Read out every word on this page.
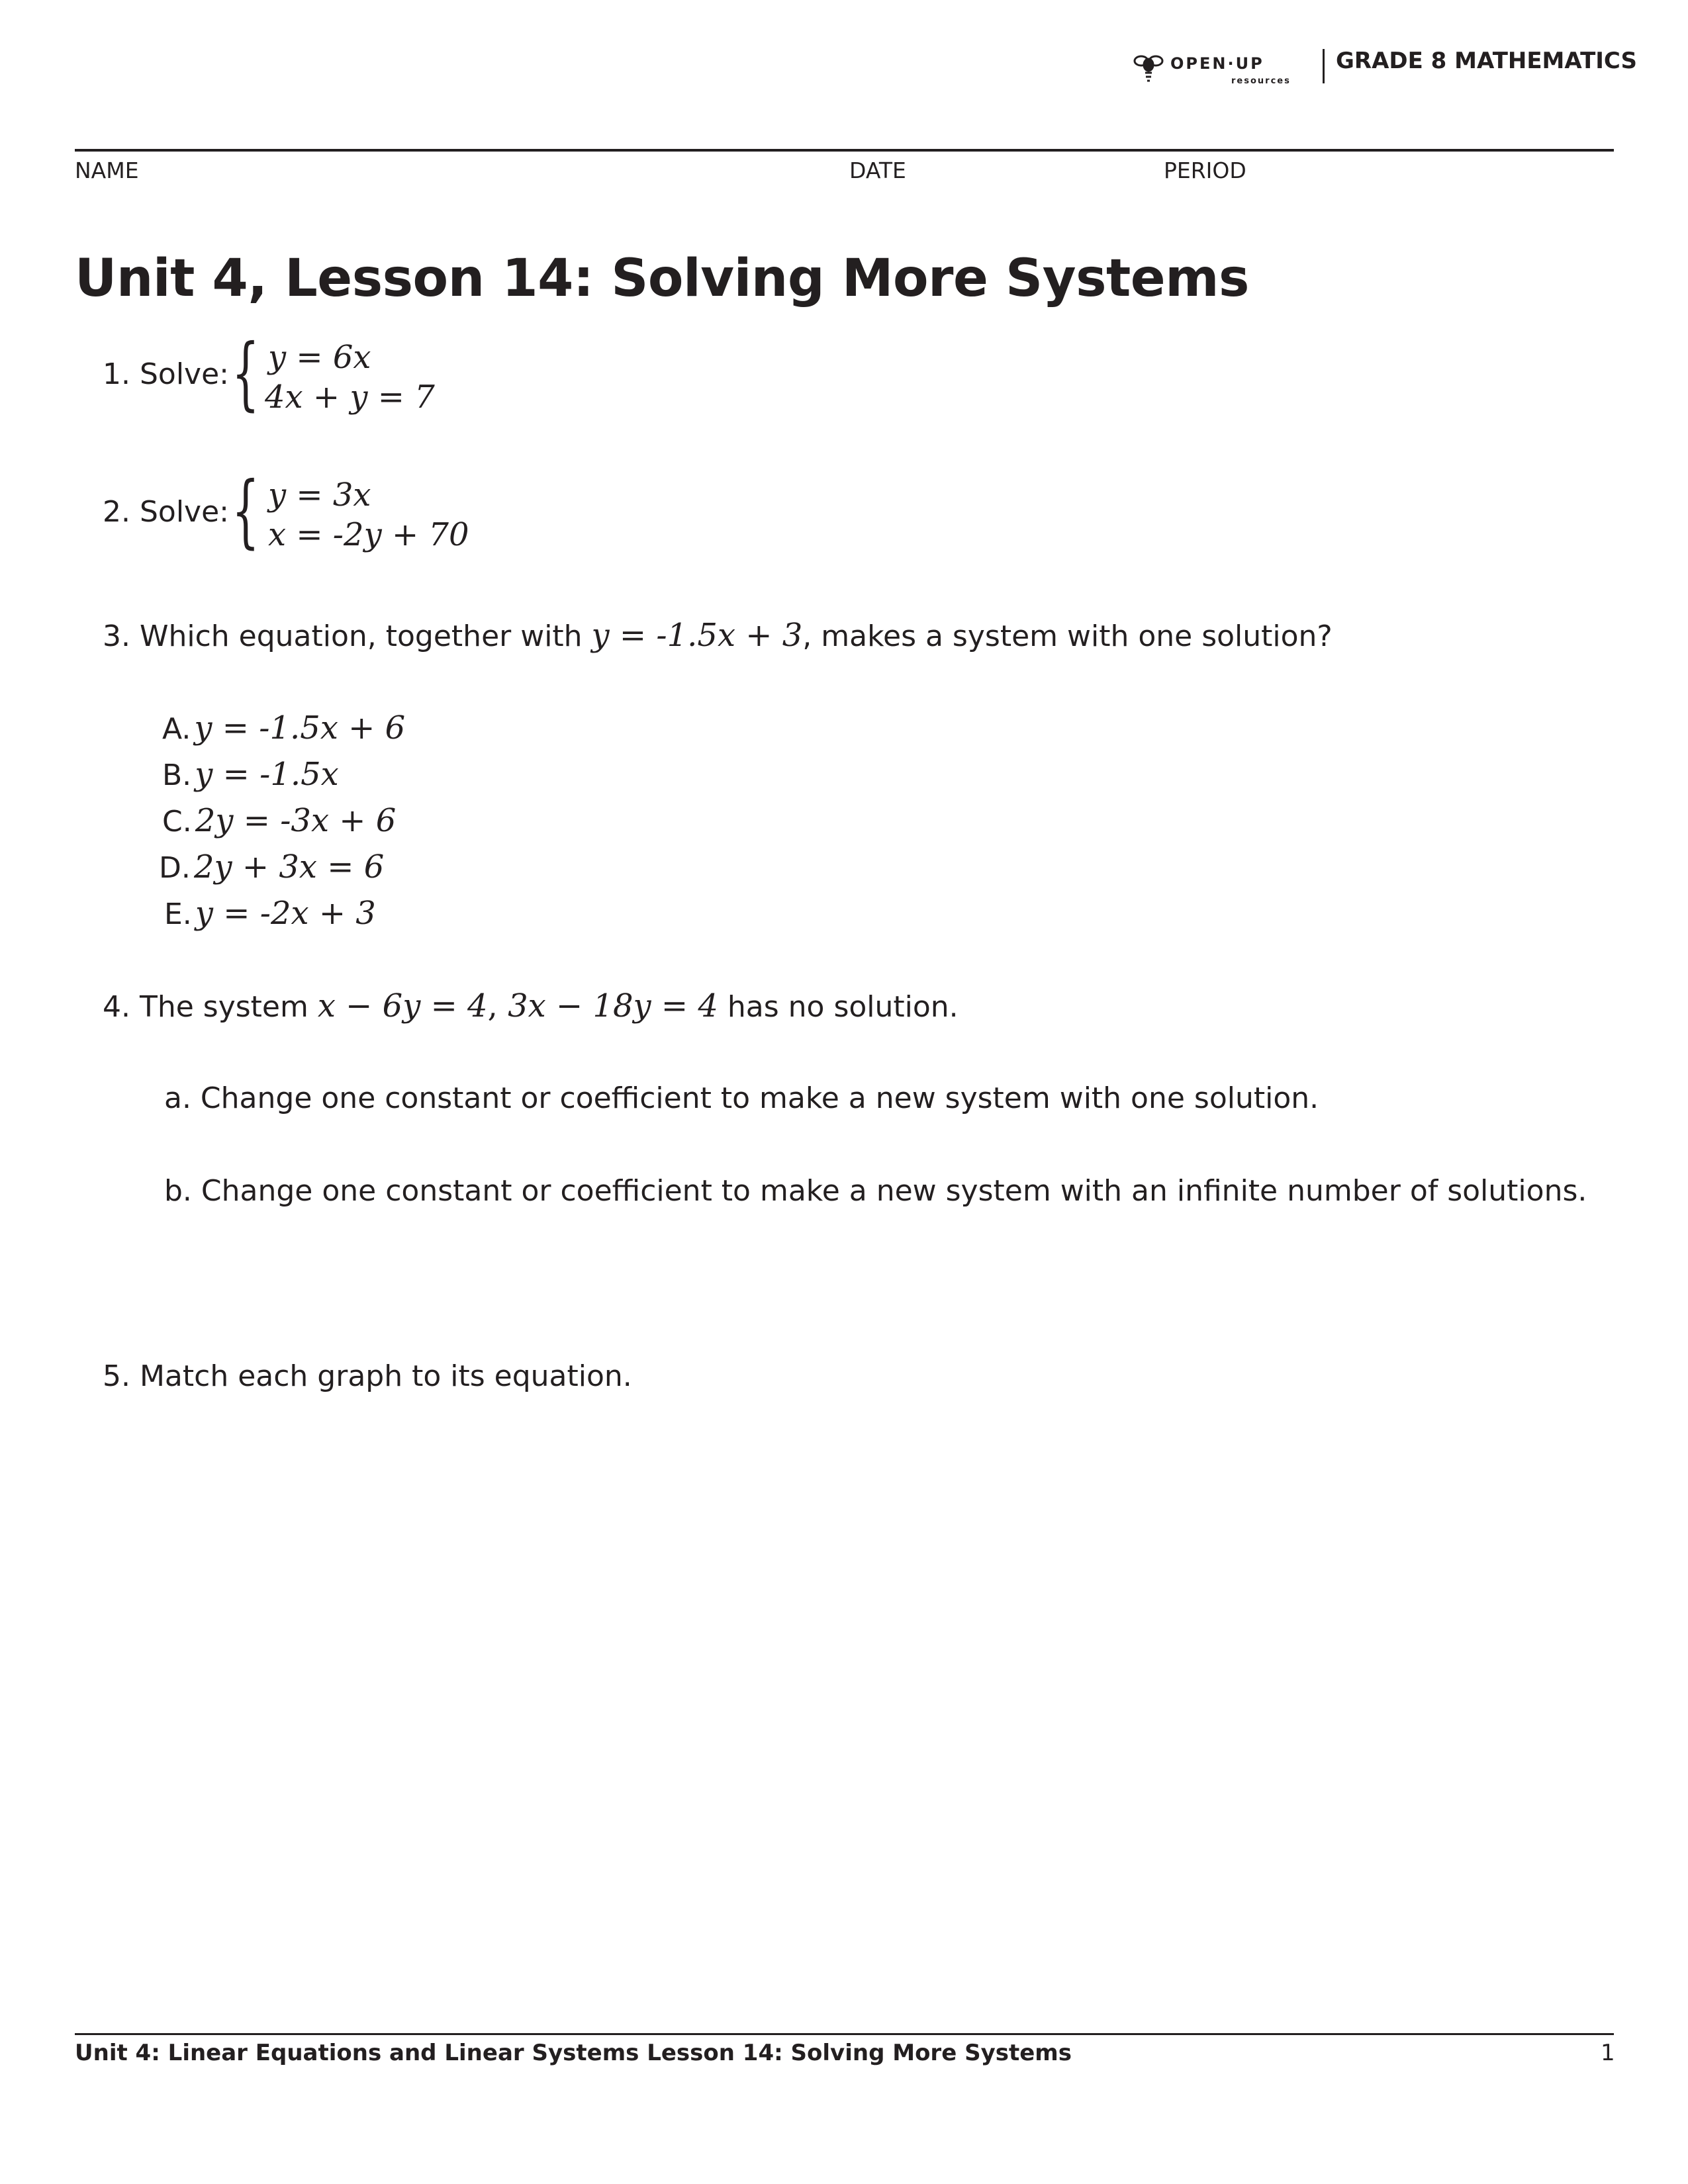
OPEN·UP
resources
GRADE 8 MATHEMATICS
NAME	DATE	PERIOD
Unit 4, Lesson 14: Solving More Systems
1. Solve: { y = 6x
4x + y = 7
2. Solve: { y = 3x
x = -2y + 70
3. Which equation, together with y = -1.5x + 3, makes a system with one solution?
A. y = -1.5x + 6
B. y = -1.5x
C. 2y = -3x + 6
D. 2y + 3x = 6
E. y = -2x + 3
4. The system x − 6y = 4, 3x − 18y = 4 has no solution.
a. Change one constant or coefficient to make a new system with one solution.
b. Change one constant or coefficient to make a new system with an infinite number of solutions.
5. Match each graph to its equation.
Unit 4: Linear Equations and Linear Systems Lesson 14: Solving More Systems	1
